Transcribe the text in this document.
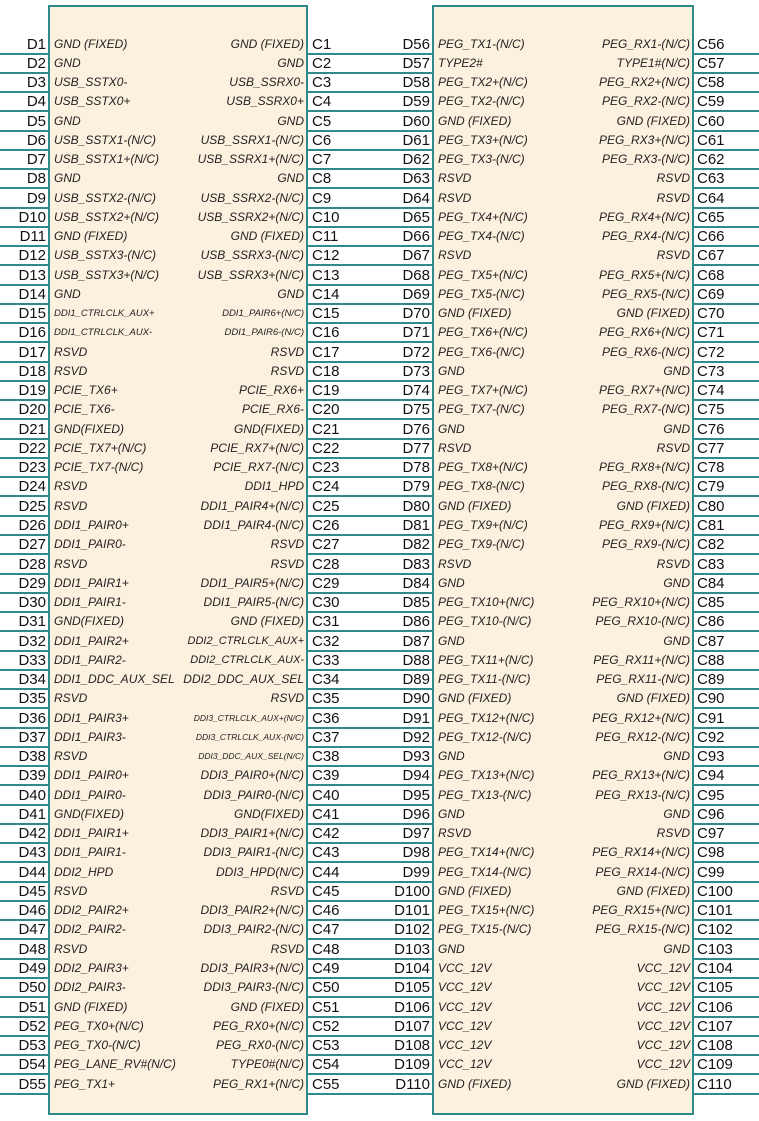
D1 GND (FIXED)	GND (FIXED) C1
D2 GND	GND C2
D3 USB_SSTX0-	USB_SSRX0- C3
D4 USB_SSTX0+	USB_SSRX0+ C4
D5 GND	GND C5
D6 USB_SSTX1-(N/C)	USB_SSRX1-(N/C) C6
D7 USB_SSTX1+(N/C)	USB_SSRX1+(N/C) C7
D8 GND	GND C8
D9 USB_SSTX2-(N/C)	USB_SSRX2-(N/C) C9
D10 USB_SSTX2+(N/C)	USB_SSRX2+(N/C) C10
D11 GND (FIXED)	GND (FIXED) C11
D12 USB_SSTX3-(N/C)	USB_SSRX3-(N/C) C12
D13 USB_SSTX3+(N/C)	USB_SSRX3+(N/C) C13
D14 GND	GND C14
D15 DDI1_CTRLCLK_AUX+	DDI1_PAIR6+(N/C) C15
D16 DDI1_CTRLCLK_AUX-	DDI1_PAIR6-(N/C) C16
D17 RSVD	RSVD C17
D18 RSVD	RSVD C18
D19 PCIE_TX6+	PCIE_RX6+ C19
D20 PCIE_TX6-	PCIE_RX6- C20
D21 GND(FIXED)	GND(FIXED) C21
D22 PCIE_TX7+(N/C)	PCIE_RX7+(N/C) C22
D23 PCIE_TX7-(N/C)	PCIE_RX7-(N/C) C23
D24 RSVD	DDI1_HPD C24
D25 RSVD	DDI1_PAIR4+(N/C) C25
D26 DDI1_PAIR0+	DDI1_PAIR4-(N/C) C26
D27 DDI1_PAIR0-	RSVD C27
D28 RSVD	RSVD C28
D29 DDI1_PAIR1+	DDI1_PAIR5+(N/C) C29
D30 DDI1_PAIR1-	DDI1_PAIR5-(N/C) C30
D31 GND(FIXED)	GND (FIXED) C31
D32 DDI1_PAIR2+	DDI2_CTRLCLK_AUX+ C32
D33 DDI1_PAIR2-	DDI2_CTRLCLK_AUX- C33
D34 DDI1_DDC_AUX_SEL DDI2_DDC_AUX_SEL C34
D35 RSVD	RSVD C35
D36 DDI1_PAIR3+	DDI3_CTRLCLK_AUX+(N/C) C36
D37 DDI1_PAIR3-	DDI3_CTRLCLK_AUX-(N/C) C37
D38 RSVD	DDI3_DDC_AUX_SEL(N/C) C38
D39 DDI1_PAIR0+	DDI3_PAIR0+(N/C) C39
D40 DDI1_PAIR0-	DDI3_PAIR0-(N/C) C40
D41 GND(FIXED)	GND(FIXED) C41
D42 DDI1_PAIR1+	DDI3_PAIR1+(N/C) C42
D43 DDI1_PAIR1-	DDI3_PAIR1-(N/C) C43
D44 DDI2_HPD	DDI3_HPD(N/C) C44
D45 RSVD	RSVD C45
D46 DDI2_PAIR2+	DDI3_PAIR2+(N/C) C46
D47 DDI2_PAIR2-	DDI3_PAIR2-(N/C) C47
D48 RSVD	RSVD C48
D49 DDI2_PAIR3+	DDI3_PAIR3+(N/C) C49
D50 DDI2_PAIR3-	DDI3_PAIR3-(N/C) C50
D51 GND (FIXED)	GND (FIXED) C51
D52 PEG_TX0+(N/C)	PEG_RX0+(N/C) C52
D53 PEG_TX0-(N/C)	PEG_RX0-(N/C) C53
D54 PEG_LANE_RV#(N/C)	TYPE0#(N/C) C54
D55 PEG_TX1+	PEG_RX1+(N/C) C55
D56 PEG_TX1-(N/C)	PEG_RX1-(N/C) C56
D57 TYPE2#	TYPE1#(N/C) C57
D58 PEG_TX2+(N/C)	PEG_RX2+(N/C) C58
D59 PEG_TX2-(N/C)	PEG_RX2-(N/C) C59
D60 GND (FIXED)	GND (FIXED) C60
D61 PEG_TX3+(N/C)	PEG_RX3+(N/C) C61
D62 PEG_TX3-(N/C)	PEG_RX3-(N/C) C62
D63 RSVD	RSVD C63
D64 RSVD	RSVD C64
D65 PEG_TX4+(N/C)	PEG_RX4+(N/C) C65
D66 PEG_TX4-(N/C)	PEG_RX4-(N/C) C66
D67 RSVD	RSVD C67
D68 PEG_TX5+(N/C)	PEG_RX5+(N/C) C68
D69 PEG_TX5-(N/C)	PEG_RX5-(N/C) C69
D70 GND (FIXED)	GND (FIXED) C70
D71 PEG_TX6+(N/C)	PEG_RX6+(N/C) C71
D72 PEG_TX6-(N/C)	PEG_RX6-(N/C) C72
D73 GND	GND C73
D74 PEG_TX7+(N/C)	PEG_RX7+(N/C) C74
D75 PEG_TX7-(N/C)	PEG_RX7-(N/C) C75
D76 GND	GND C76
D77 RSVD	RSVD C77
D78 PEG_TX8+(N/C)	PEG_RX8+(N/C) C78
D79 PEG_TX8-(N/C)	PEG_RX8-(N/C) C79
D80 GND (FIXED)	GND (FIXED) C80
D81 PEG_TX9+(N/C)	PEG_RX9+(N/C) C81
D82 PEG_TX9-(N/C)	PEG_RX9-(N/C) C82
D83 RSVD	RSVD C83
D84 GND	GND C84
D85 PEG_TX10+(N/C)	PEG_RX10+(N/C) C85
D86 PEG_TX10-(N/C)	PEG_RX10-(N/C) C86
D87 GND	GND C87
D88 PEG_TX11+(N/C)	PEG_RX11+(N/C) C88
D89 PEG_TX11-(N/C)	PEG_RX11-(N/C) C89
D90 GND (FIXED)	GND (FIXED) C90
D91 PEG_TX12+(N/C)	PEG_RX12+(N/C) C91
D92 PEG_TX12-(N/C)	PEG_RX12-(N/C) C92
D93 GND	GND C93
D94 PEG_TX13+(N/C)	PEG_RX13+(N/C) C94
D95 PEG_TX13-(N/C)	PEG_RX13-(N/C) C95
D96 GND	GND C96
D97 RSVD	RSVD C97
D98 PEG_TX14+(N/C)	PEG_RX14+(N/C) C98
D99 PEG_TX14-(N/C)	PEG_RX14-(N/C) C99
D100 GND (FIXED)	GND (FIXED) C100
D101 PEG_TX15+(N/C)	PEG_RX15+(N/C) C101
D102 PEG_TX15-(N/C)	PEG_RX15-(N/C) C102
D103 GND	GND C103
D104 VCC_12V	VCC_12V C104
D105 VCC_12V	VCC_12V C105
D106 VCC_12V	VCC_12V C106
D107 VCC_12V	VCC_12V C107
D108 VCC_12V	VCC_12V C108
D109 VCC_12V	VCC_12V C109
D110 GND (FIXED)	GND (FIXED) C110
